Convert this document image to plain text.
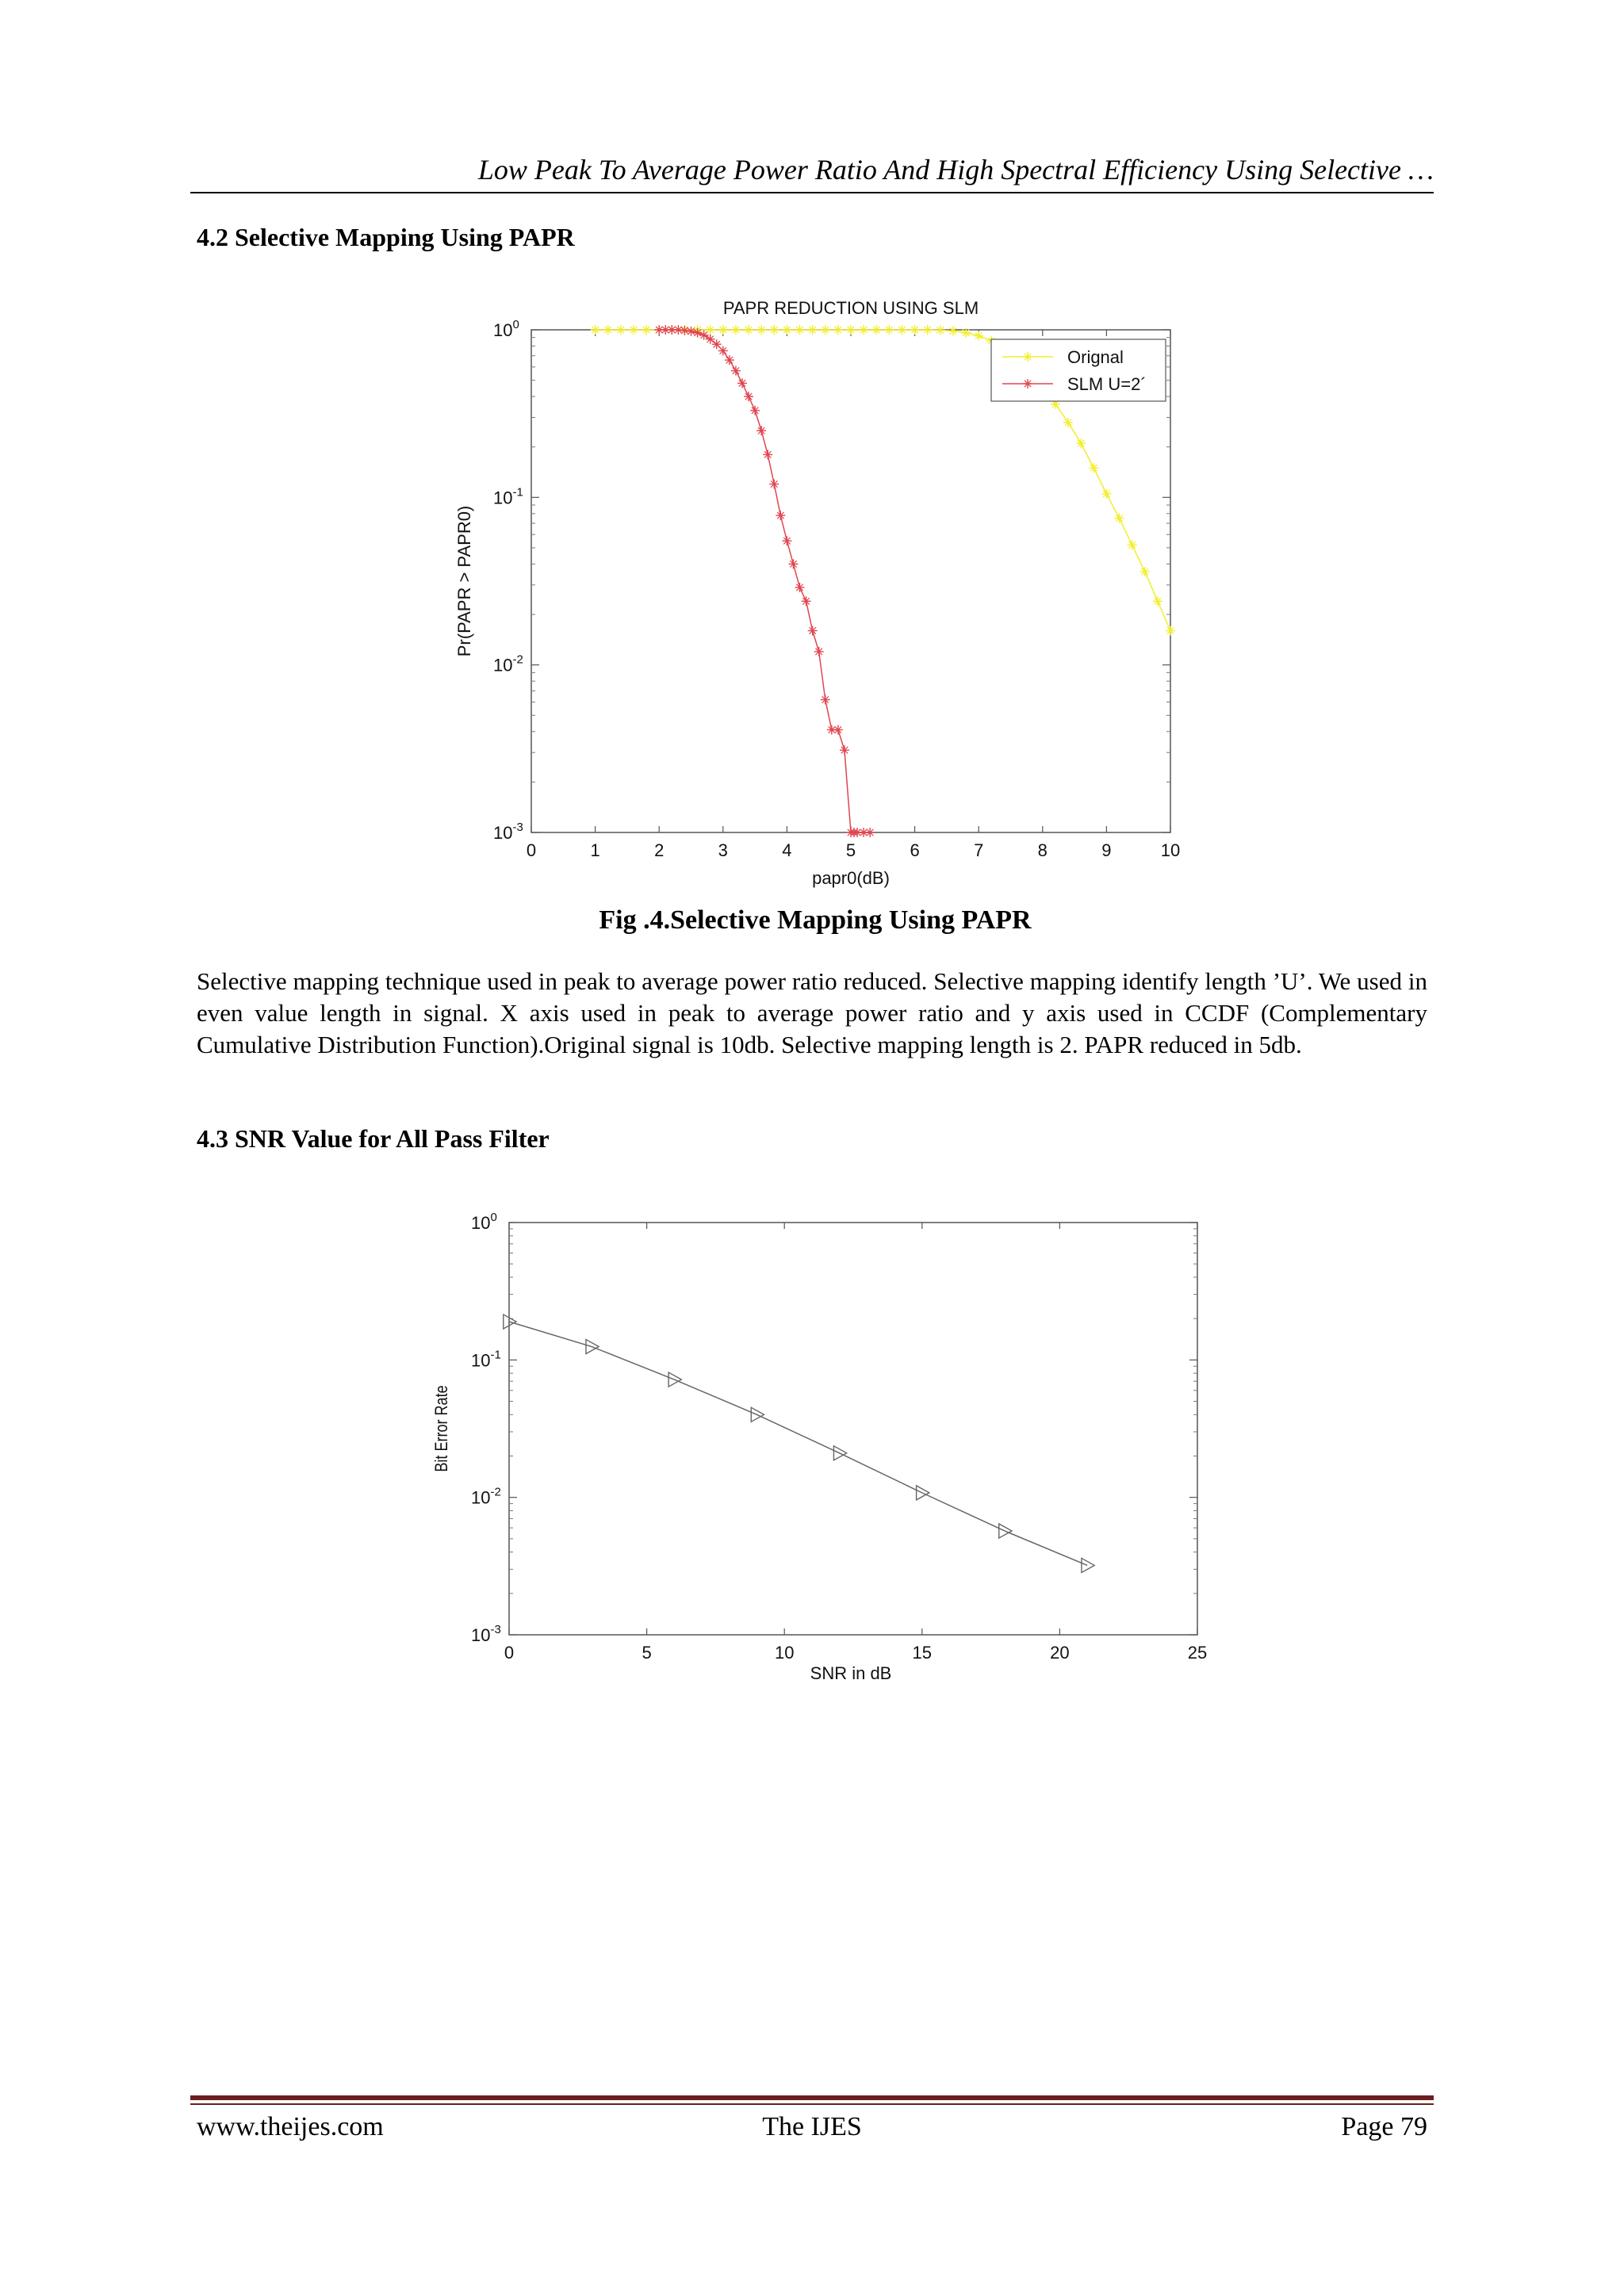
Low Peak To Average Power Ratio And High Spectral Efficiency Using Selective …
4.2 Selective Mapping Using PAPR
PAPR REDUCTION USING SLM
papr0(dB)
Pr(PAPR > PAPR0)
0	1	2	3	4	5	6	7	8	9	10
$10^0$
$10^{-1}$
$10^{-2}$
$10^{-3}$
Orignal
SLM U=2´
Fig .4.Selective Mapping Using PAPR
Selective mapping technique used in peak to average power ratio reduced. Selective mapping identify length ’U’. We used in even value length in signal. X axis used in peak to average power ratio and y axis used in CCDF (Complementary Cumulative Distribution Function).Original signal is 10db. Selective mapping length is 2. PAPR reduced in 5db.
4.3 SNR Value for All Pass Filter
SNR in dB
Bit Error Rate
0	5	10	15	20	25
$10^0$
$10^{-1}$
$10^{-2}$
$10^{-3}$
www.theijes.com	The IJES	Page 79
